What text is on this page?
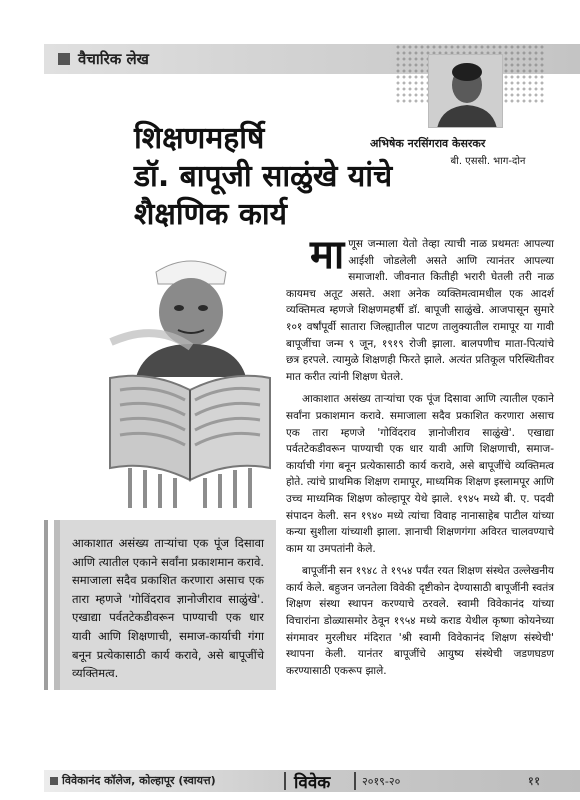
वैचारिक लेख
अभिषेक नरसिंगराव केसरकर
बी. एससी. भाग-दोन
शिक्षणमहर्षि
डॉ. बापूजी साळुंखे यांचे
शैक्षणिक कार्य

आकाशात असंख्य ताऱ्यांचा एक पूंज दिसावा आणि त्यातील एकाने सर्वांना प्रकाशमान करावे. समाजाला सदैव प्रकाशित करणारा असाच एक तारा म्हणजे 'गोविंदराव ज्ञानोजीराव साळुंखे'. एखाद्या पर्वतटेकडीवरून पाण्याची एक धार यावी आणि शिक्षणाची, समाज-कार्याची गंगा बनून प्रत्येकासाठी कार्य करावे, असे बापूजींचे व्यक्तिमत्व.

मा णूस जन्माला येतो तेव्हा त्याची नाळ प्रथमतः आपल्या आईशी जोडलेली असते आणि त्यानंतर आपल्या समाजाशी. जीवनात कितीही भरारी घेतली तरी नाळ कायमच अतूट असते. अशा अनेक व्यक्तिमत्वामधील एक आदर्श व्यक्तिमत्व म्हणजे शिक्षणमहर्षी डॉ. बापूजी साळुंखे. आजपासून सुमारे १०१ वर्षांपूर्वी सातारा जिल्ह्यातील पाटण तालुक्यातील रामापूर या गावी बापूजींचा जन्म ९ जून, १९१९ रोजी झाला. बालपणीच माता-पित्यांचे छत्र हरपले. त्यामुळे शिक्षणही फिरते झाले. अत्यंत प्रतिकूल परिस्थितीवर मात करीत त्यांनी शिक्षण घेतले.

आकाशात असंख्य ताऱ्यांचा एक पूंज दिसावा आणि त्यातील एकाने सर्वांना प्रकाशमान करावे. समाजाला सदैव प्रकाशित करणारा असाच एक तारा म्हणजे 'गोविंदराव ज्ञानोजीराव साळुंखे'. एखाद्या पर्वतटेकडीवरून पाण्याची एक धार यावी आणि शिक्षणाची, समाज-कार्याची गंगा बनून प्रत्येकासाठी कार्य करावे, असे बापूजींचे व्यक्तिमत्व होते. त्यांचे प्राथमिक शिक्षण रामापूर, माध्यमिक शिक्षण इस्लामपूर आणि उच्च माध्यमिक शिक्षण कोल्हापूर येथे झाले. १९४५ मध्ये बी. ए. पदवी संपादन केली. सन १९४० मध्ये त्यांचा विवाह नानासाहेब पाटील यांच्या कन्या सुशीला यांच्याशी झाला. ज्ञानाची शिक्षणगंगा अविरत चालवण्याचे काम या उमपतांनी केले.

बापूजींनी सन १९४८ ते १९५४ पर्यंत रयत शिक्षण संस्थेत उल्लेखनीय कार्य केले. बहुजन जनतेला विवेकी दृष्टीकोन देण्यासाठी बापूजींनी स्वतंत्र शिक्षण संस्था स्थापन करण्याचे ठरवले. स्वामी विवेकानंद यांच्या विचारांना डोळ्यासमोर ठेवून १९५४ मध्ये कराड येथील कृष्णा कोयनेच्या संगमावर मुरलीधर मंदिरात 'श्री स्वामी विवेकानंद शिक्षण संस्थेची' स्थापना केली. यानंतर बापूजींचे आयुष्य संस्थेची जडणघडण करण्यासाठी एकरूप झाले.

विवेकानंद कॉलेज, कोल्हापूर (स्वायत्त)	विवेक	२०१९-२०	११
